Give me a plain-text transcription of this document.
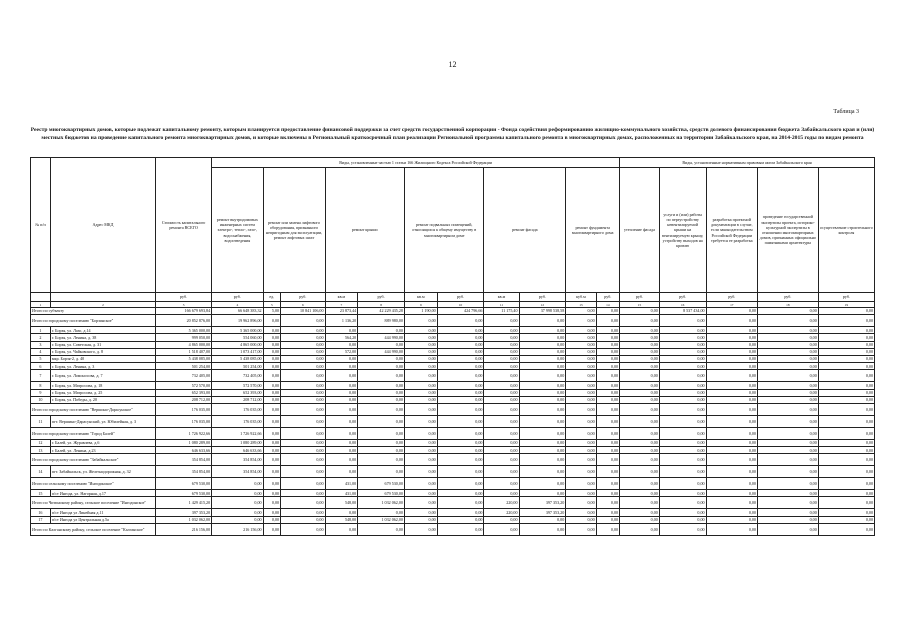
12
Таблица 3
Реестр многоквартирных домов, которые подлежат капитальному ремонту, которым планируется предоставление финансовой поддержки за счет средств государственной корпорации - Фонда содействия реформированию жилищно-коммунального хозяйства, средств долевого финансирования бюджета Забайкальского края и (или) местных бюджетов на проведение капитального ремонта многоквартирных домов, и которые включены в Региональный краткосрочный план реализации Региональной программы капитального ремонта в многоквартирных домах, расположенных на территории Забайкальского края, на 2014-2015 годы по видам ремонта
№ п/п	Адрес МКД	Стоимость капитального ремонта ВСЕГО	Виды, установленные частью 1 статьи 166 Жилищного Кодекса Российской Федерации											Виды, установленные нормативным правовым актом Забайкальского края				
			ремонт внутридомовых инженерных систем электро-, тепло-, газо-, водоснабжения, водоотведения	ремонт или замена лифтового оборудования, признанного непригодным для эксплуатации, ремонт лифтовых шахт		ремонт крыши		ремонт подвальных помещений, относящихся к общему имуществу в многоквартирном доме		ремонт фасада		ремонт фундамента многоквартирного дома		утепление фасада	услуги и (или) работы по переустройству невентилируемой крыши на вентилируемую крышу, устройству выходов на кровлю	разработка проектной документации в случае, если законодательством Российской Федерации требуется ее разработка	проведение государственной экспертизы проекта, историко-культурной экспертизы в отношении многоквартирных домов, признанных официально памятниками архитектуры	осуществление строительного контроля
		руб.	руб.	ед.	руб.	кв.м	руб.	кв.м	руб.	кв.м	руб.	куб.м	руб.	руб.	руб.	руб.	руб.	руб.
1	2	3	4	5	6	7	8	9	10	11	12	13	14	15	16	17	18	19
Итого по субъекту		166 679 693,84	66 648 383,32	5,00	10 841 106,00	23 873,44	42 229 435,28	1 190,00	424 796,66	11 175,40	37 998 538,58	0,00	0,00	0,00	8 537 434,00	0,00	0,00	0,00
Итого по городскому поселению "Борзинское"		20 852 876,00	19 962 896,00	0,00	0,00	1 136,20	889 980,00	0,00	0,00	0,00	0,00	0,00	0,00	0,00	0,00	0,00	0,00	0,00
1	г. Борзя, ул. Лазо, д.14	5 365 000,00	5 365 000,00	0,00	0,00	0,00	0,00	0,00	0,00	0,00	0,00	0,00	0,00	0,00	0,00	0,00	0,00	0,00
2	г. Борзя, ул. Ленина, д. 38	999 050,00	554 060,00	0,00	0,00	564,20	444 990,00	0,00	0,00	0,00	0,00	0,00	0,00	0,00	0,00	0,00	0,00	0,00
3	г. Борзя, ул. Советская, д. 31	4 865 000,00	4 865 000,00	0,00	0,00	0,00	0,00	0,00	0,00	0,00	0,00	0,00	0,00	0,00	0,00	0,00	0,00	0,00
4	г. Борзя, ул. Чайковского, д. 8	1 518 407,00	1 073 417,00	0,00	0,00	572,00	444 990,00	0,00	0,00	0,00	0,00	0,00	0,00	0,00	0,00	0,00	0,00	0,00
5	мкр. Борзя-2, д. 40	5 438 085,00	5 438 085,00	0,00	0,00	0,00	0,00	0,00	0,00	0,00	0,00	0,00	0,00	0,00	0,00	0,00	0,00	0,00
6	г. Борзя, ул. Ленина, д. 3	501 254,00	501 254,00	0,00	0,00	0,00	0,00	0,00	0,00	0,00	0,00	0,00	0,00	0,00	0,00	0,00	0,00	0,00
7	г. Борзя, ул. Ломоносова, д. 7	732 405,00	732 405,00	0,00	0,00	0,00	0,00	0,00	0,00	0,00	0,00	0,00	0,00	0,00	0,00	0,00	0,00	0,00
8	г. Борзя, ул. Матросова, д. 18	572 570,00	572 570,00	0,00	0,00	0,00	0,00	0,00	0,00	0,00	0,00	0,00	0,00	0,00	0,00	0,00	0,00	0,00
9	г. Борзя, ул. Матросова, д. 25	652 393,00	652 393,00	0,00	0,00	0,00	0,00	0,00	0,00	0,00	0,00	0,00	0,00	0,00	0,00	0,00	0,00	0,00
10	г. Борзя, ул. Победы, д. 20	208 712,00	208 712,00	0,00	0,00	0,00	0,00	0,00	0,00	0,00	0,00	0,00	0,00	0,00	0,00	0,00	0,00	0,00
Итого по городскому поселению "Вершино-Дарасунское"		176 035,00	176 035,00	0,00	0,00	0,00	0,00	0,00	0,00	0,00	0,00	0,00	0,00	0,00	0,00	0,00	0,00	0,00
11	пгт. Вершино-Дарасунский, ул. Юбилейная, д. 3	176 035,00	176 035,00	0,00	0,00	0,00	0,00	0,00	0,00	0,00	0,00	0,00	0,00	0,00	0,00	0,00	0,00	0,00
Итого по городскому поселению "Город Балей"		1 726 922,66	1 726 922,66	0,00	0,00	0,00	0,00	0,00	0,00	0,00	0,00	0,00	0,00	0,00	0,00	0,00	0,00	0,00
12	г. Балей, ул. Журавлева, д.6	1 080 289,00	1 080 289,00	0,00	0,00	0,00	0,00	0,00	0,00	0,00	0,00	0,00	0,00	0,00	0,00	0,00	0,00	0,00
13	г. Балей, ул. Ленина, д.23	646 633,66	646 633,66	0,00	0,00	0,00	0,00	0,00	0,00	0,00	0,00	0,00	0,00	0,00	0,00	0,00	0,00	0,00
Итого по городскому поселению "Забайкальское"		354 854,00	354 854,00	0,00	0,00	0,00	0,00	0,00	0,00	0,00	0,00	0,00	0,00	0,00	0,00	0,00	0,00	0,00
14	пгт. Забайкальск, ул. Железнодорожная, д. 32	354 854,00	354 854,00	0,00	0,00	0,00	0,00	0,00	0,00	0,00	0,00	0,00	0,00	0,00	0,00	0,00	0,00	0,00
Итого по сельскому поселению "Ингодинское"		679 530,00	0,00	0,00	0,00	431,00	679 530,00	0,00	0,00	0,00	0,00	0,00	0,00	0,00	0,00	0,00	0,00	0,00
15	п/ст Ингода, ул. Нагорная, д.17	679 530,00	0,00	0,00	0,00	431,00	679 530,00	0,00	0,00	0,00	0,00	0,00	0,00	0,00	0,00	0,00	0,00	0,00
Итого по Читинскому району, сельское поселение "Ингодинское"		1 429 415,20	0,00	0,00	0,00	548,00	1 032 062,00	0,00	0,00	220,00	397 353,20	0,00	0,00	0,00	0,00	0,00	0,00	0,00
16	п/ст Ингода ул Линейная д.11	397 353,20	0,00	0,00	0,00	0,00	0,00	0,00	0,00	220,00	397 353,20	0,00	0,00	0,00	0,00	0,00	0,00	0,00
17	п/ст Ингода ул Центральная д.5а	1 032 062,00	0,00	0,00	0,00	548,00	1 032 062,00	0,00	0,00	0,00	0,00	0,00	0,00	0,00	0,00	0,00	0,00	0,00
Итого по Калганскому району, сельское поселение "Калганское"		216 156,00	216 156,00	0,00	0,00	0,00	0,00	0,00	0,00	0,00	0,00	0,00	0,00	0,00	0,00	0,00	0,00	0,00
